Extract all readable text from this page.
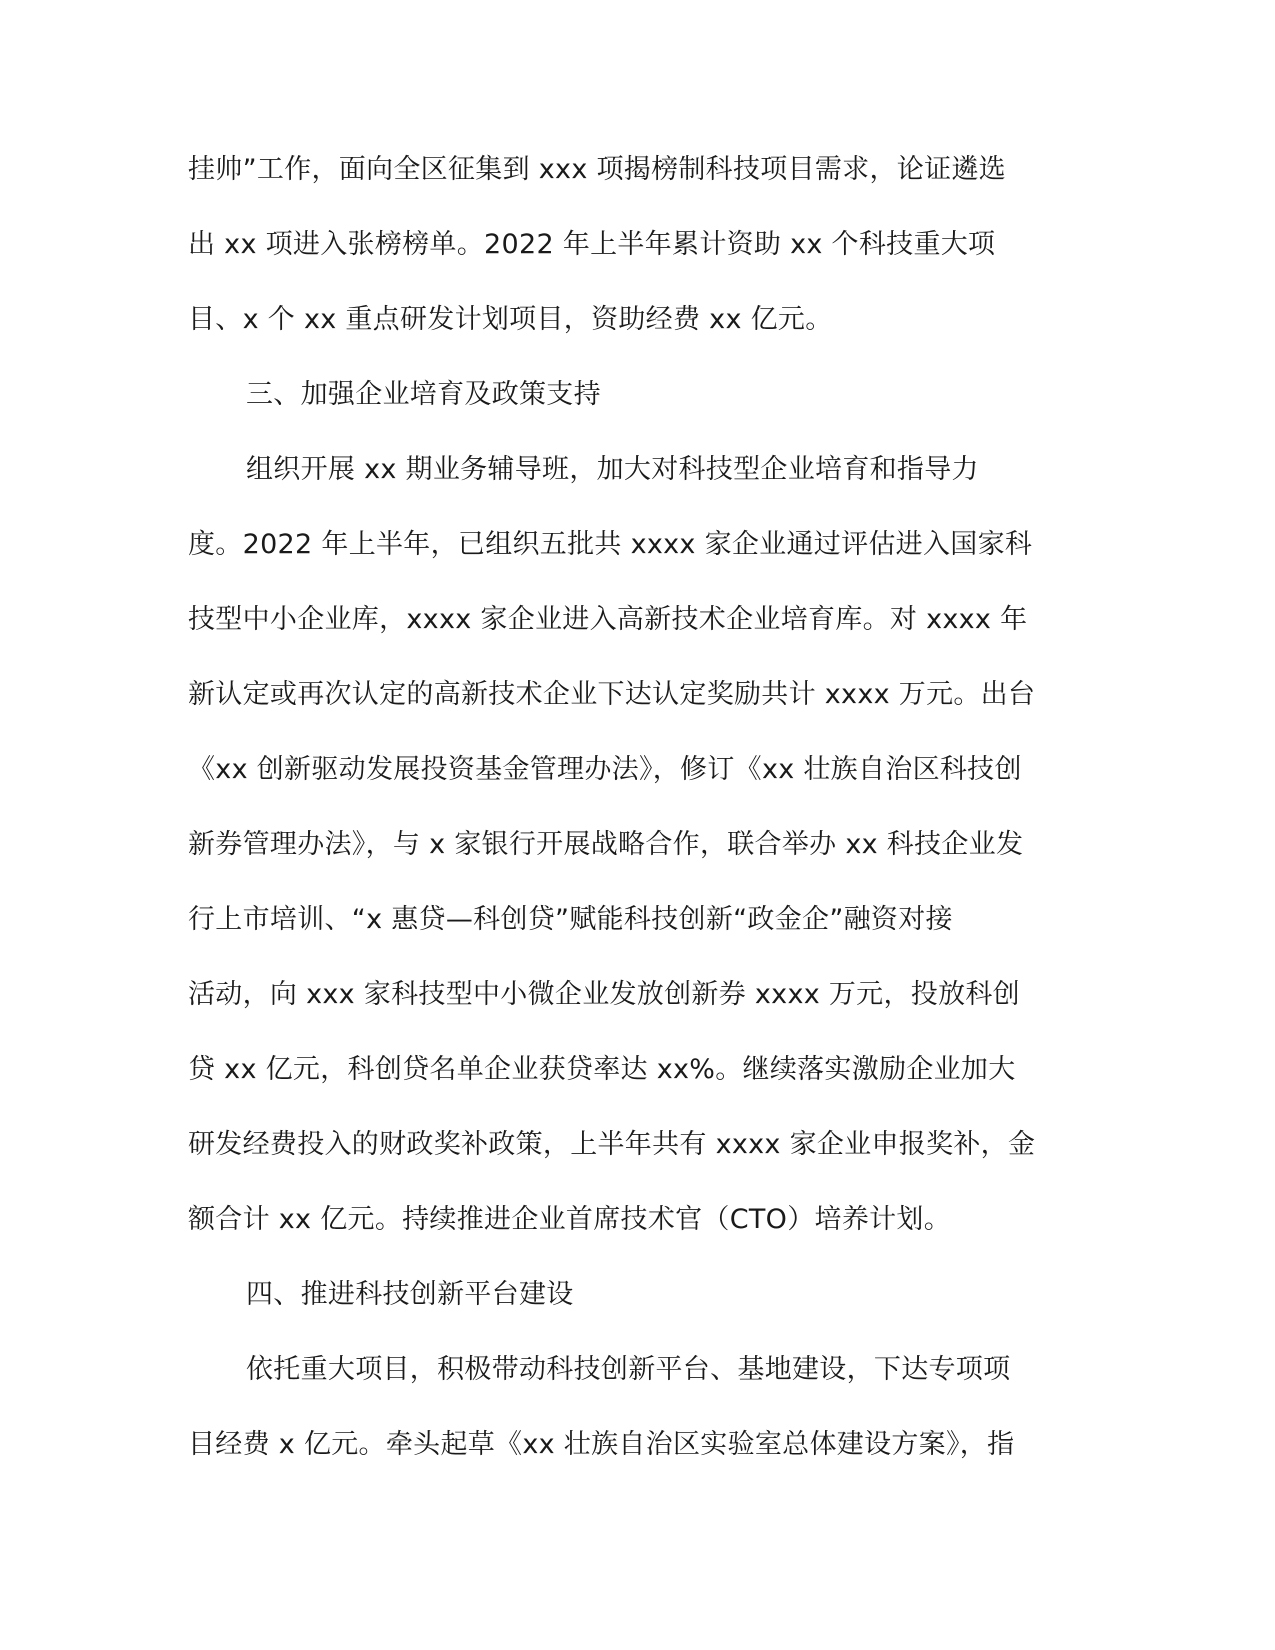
挂帅”工作，面向全区征集到 xxx 项揭榜制科技项目需求，论证遴选
出 xx 项进入张榜榜单。2022 年上半年累计资助 xx 个科技重大项
目、x 个 xx 重点研发计划项目，资助经费 xx 亿元。
三、加强企业培育及政策支持
组织开展 xx 期业务辅导班，加大对科技型企业培育和指导力
度。2022 年上半年，已组织五批共 xxxx 家企业通过评估进入国家科
技型中小企业库，xxxx 家企业进入高新技术企业培育库。对 xxxx 年
新认定或再次认定的高新技术企业下达认定奖励共计 xxxx 万元。出台
《xx 创新驱动发展投资基金管理办法》，修订《xx 壮族自治区科技创
新券管理办法》，与 x 家银行开展战略合作，联合举办 xx 科技企业发
行上市培训、“x 惠贷—科创贷”赋能科技创新“政金企”融资对接
活动，向 xxx 家科技型中小微企业发放创新券 xxxx 万元，投放科创
贷 xx 亿元，科创贷名单企业获贷率达 xx%。继续落实激励企业加大
研发经费投入的财政奖补政策，上半年共有 xxxx 家企业申报奖补，金
额合计 xx 亿元。持续推进企业首席技术官（CTO）培养计划。
四、推进科技创新平台建设
依托重大项目，积极带动科技创新平台、基地建设，下达专项项
目经费 x 亿元。牵头起草《xx 壮族自治区实验室总体建设方案》，指
